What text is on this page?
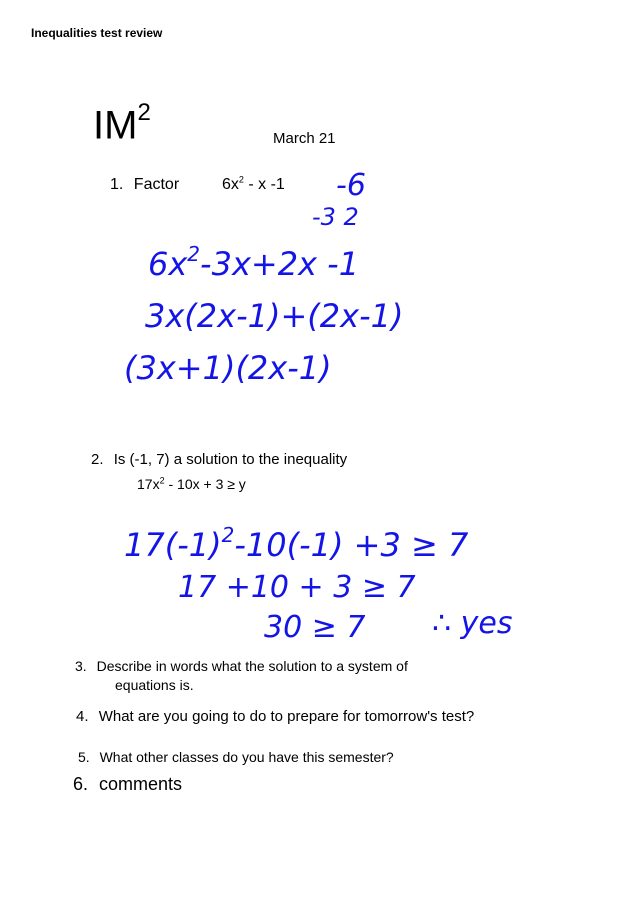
Inequalities test review
$IM^2$
March 21
1. Factor	$6x^2$ - x -1
2. Is (-1, 7) a solution to the inequality
$17x^2 - 10x + 3 \ge y$
3. Describe in words what the solution to a system of
equations is.
4. What are you going to do to prepare for tomorrow's test?
5. What other classes do you have this semester?
6. comments
-6
-3 2
$6x^2-3x+2x$ -1
3x(2x-1)+(2x-1)
(3x+1)(2x-1)
$17(-1)^2-10(-1) +3 \ge 7$
17 +10 + 3 ≥ 7
30 ≥ 7 ∴ yes
